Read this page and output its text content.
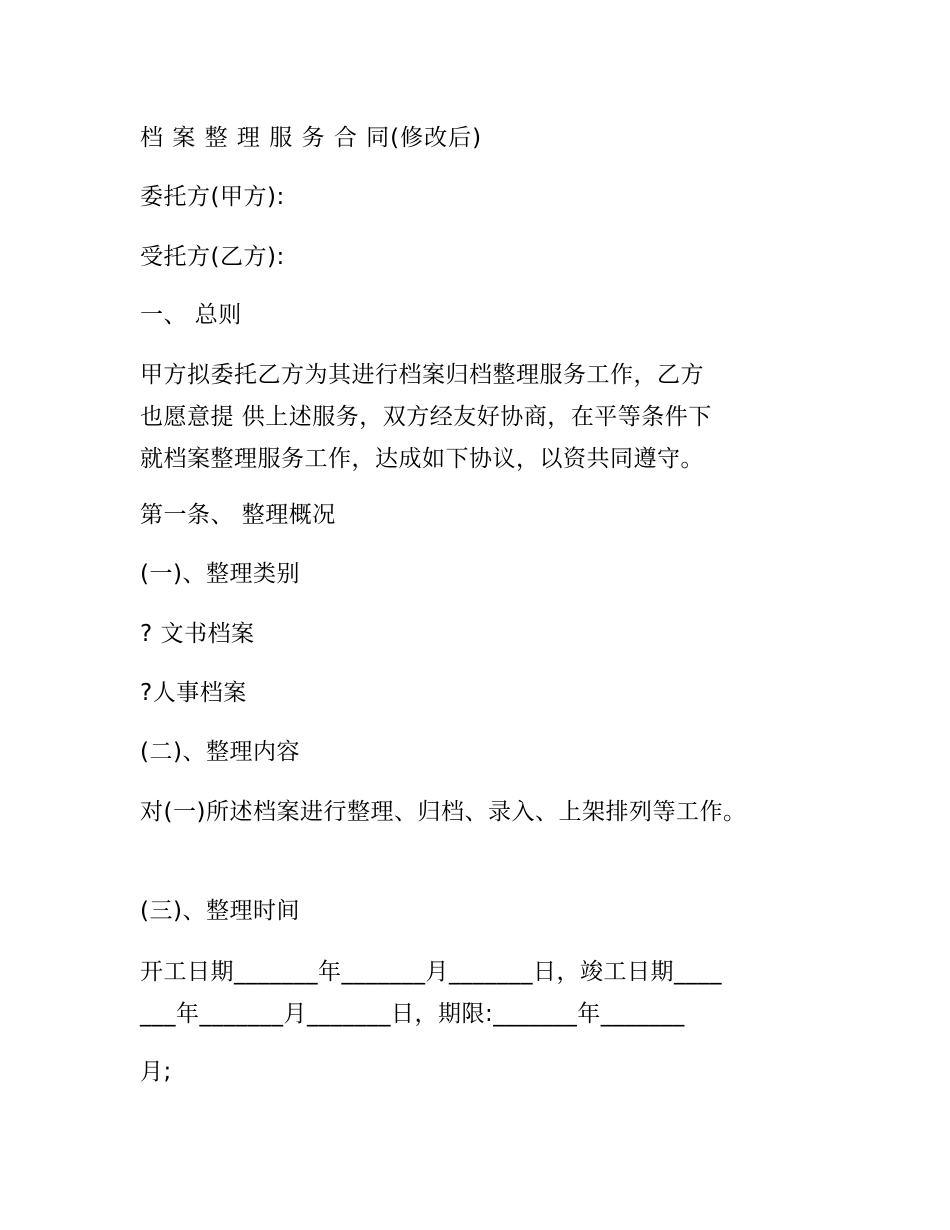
档 案 整 理 服 务 合 同(修改后)
委托方(甲方):
受托方(乙方):
一、 总则
甲方拟委托乙方为其进行档案归档整理服务工作，乙方
也愿意提 供上述服务，双方经友好协商，在平等条件下
就档案整理服务工作，达成如下协议，以资共同遵守。
第一条、 整理概况
(一)、整理类别
? 文书档案
?人事档案
(二)、整理内容
对(一)所述档案进行整理、归档、录入、上架排列等工作。
(三)、整理时间
开工日期_______年_______月_______日，竣工日期____
___年_______月_______日，期限:_______年_______
月;
